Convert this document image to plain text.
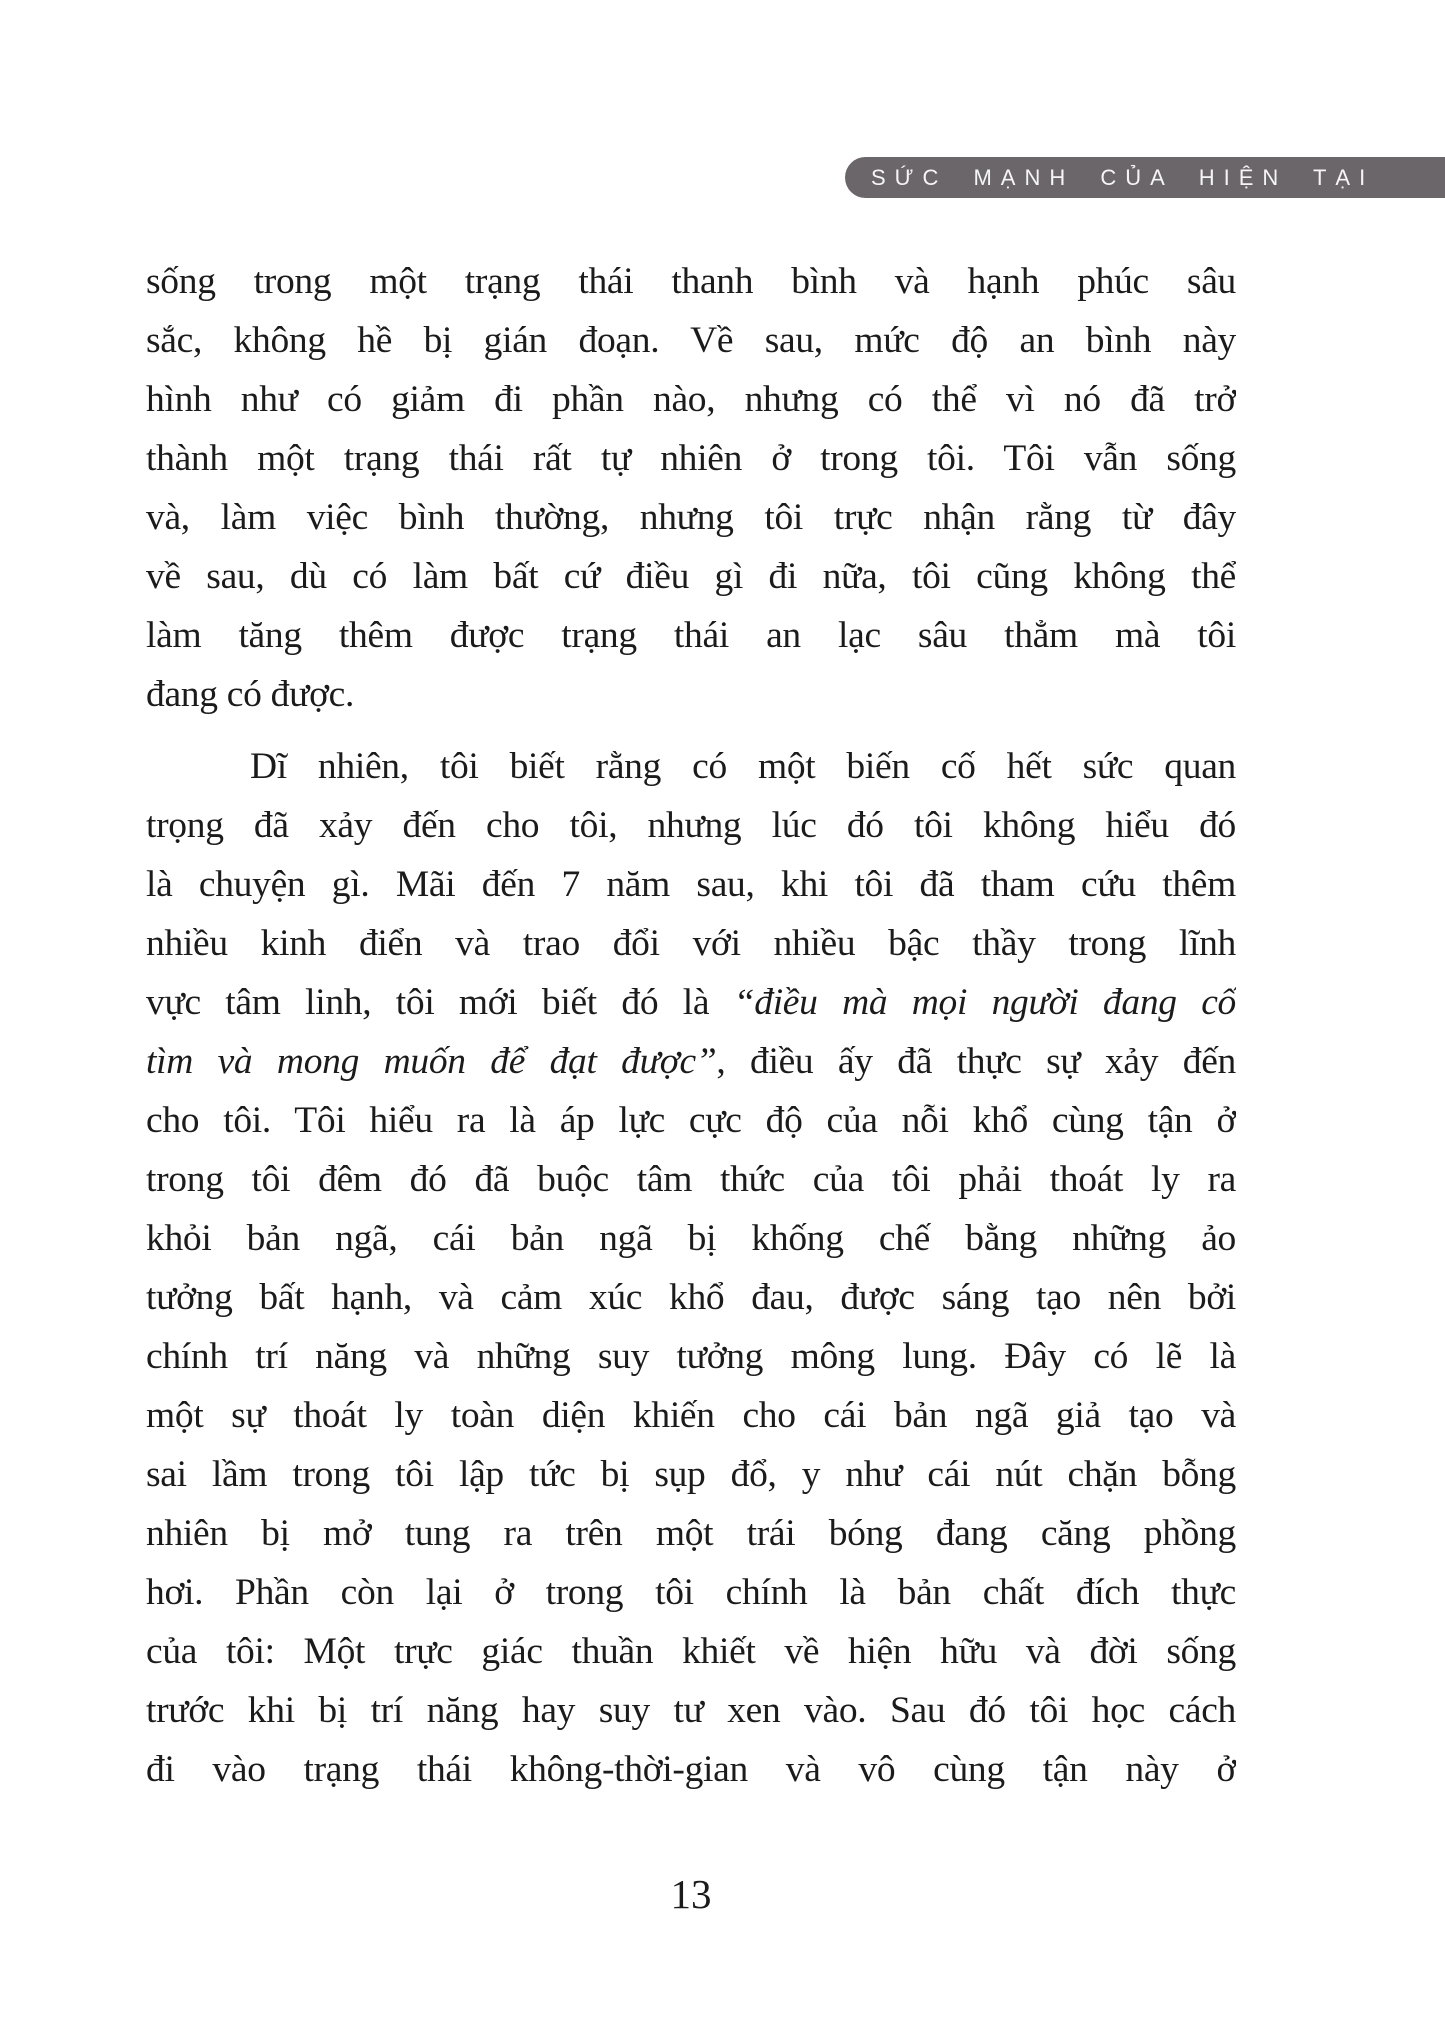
SỨC MẠNH CỦA HIỆN TẠI
sống trong một trạng thái thanh bình và hạnh phúc sâu
sắc, không hề bị gián đoạn. Về sau, mức độ an bình này
hình như có giảm đi phần nào, nhưng có thể vì nó đã trở
thành một trạng thái rất tự nhiên ở trong tôi. Tôi vẫn sống
và, làm việc bình thường, nhưng tôi trực nhận rằng từ đây
về sau, dù có làm bất cứ điều gì đi nữa, tôi cũng không thể
làm tăng thêm được trạng thái an lạc sâu thẳm mà tôi
đang có được.
Dĩ nhiên, tôi biết rằng có một biến cố hết sức quan
trọng đã xảy đến cho tôi, nhưng lúc đó tôi không hiểu đó
là chuyện gì. Mãi đến 7 năm sau, khi tôi đã tham cứu thêm
nhiều kinh điển và trao đổi với nhiều bậc thầy trong lĩnh
vực tâm linh, tôi mới biết đó là “điều mà mọi người đang cố
tìm và mong muốn để đạt được”, điều ấy đã thực sự xảy đến
cho tôi. Tôi hiểu ra là áp lực cực độ của nỗi khổ cùng tận ở
trong tôi đêm đó đã buộc tâm thức của tôi phải thoát ly ra
khỏi bản ngã, cái bản ngã bị khống chế bằng những ảo
tưởng bất hạnh, và cảm xúc khổ đau, được sáng tạo nên bởi
chính trí năng và những suy tưởng mông lung. Đây có lẽ là
một sự thoát ly toàn diện khiến cho cái bản ngã giả tạo và
sai lầm trong tôi lập tức bị sụp đổ, y như cái nút chặn bỗng
nhiên bị mở tung ra trên một trái bóng đang căng phồng
hơi. Phần còn lại ở trong tôi chính là bản chất đích thực
của tôi: Một trực giác thuần khiết về hiện hữu và đời sống
trước khi bị trí năng hay suy tư xen vào. Sau đó tôi học cách
đi vào trạng thái không-thời-gian và vô cùng tận này ở
13
